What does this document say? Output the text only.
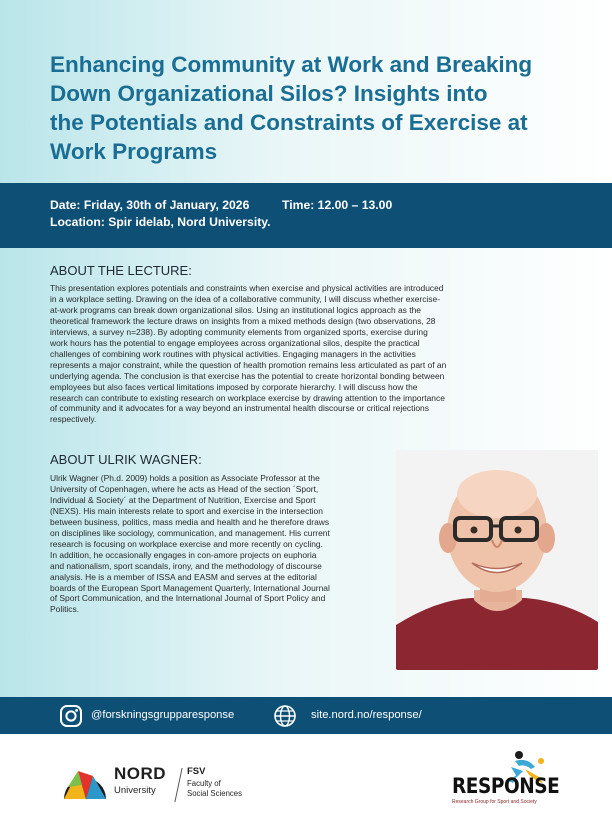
Enhancing Community at Work and Breaking
Down Organizational Silos? Insights into
the Potentials and Constraints of Exercise at
Work Programs
Date: Friday, 30th of January, 2026	Time: 12.00 – 13.00
Location: Spir idelab, Nord University.
ABOUT THE LECTURE:
This presentation explores potentials and constraints when exercise and physical activities are introduced
in a workplace setting. Drawing on the idea of a collaborative community, I will discuss whether exercise-
at-work programs can break down organizational silos. Using an institutional logics approach as the
theoretical framework the lecture draws on insights from a mixed methods design (two observations, 28
interviews, a survey n=238). By adopting community elements from organized sports, exercise during
work hours has the potential to engage employees across organizational silos, despite the practical
challenges of combining work routines with physical activities. Engaging managers in the activities
represents a major constraint, while the question of health promotion remains less articulated as part of an
underlying agenda. The conclusion is that exercise has the potential to create horizontal bonding between
employees but also faces vertical limitations imposed by corporate hierarchy. I will discuss how the
research can contribute to existing research on workplace exercise by drawing attention to the importance
of community and it advocates for a way beyond an instrumental health discourse or critical rejections
respectively.
ABOUT ULRIK WAGNER:
Ulrik Wagner (Ph.d. 2009) holds a position as Associate Professor at the
University of Copenhagen, where he acts as Head of the section ´Sport,
Individual & Society´ at the Department of Nutrition, Exercise and Sport
(NEXS). His main interests relate to sport and exercise in the intersection
between business, politics, mass media and health and he therefore draws
on disciplines like sociology, communication, and management. His current
research is focusing on workplace exercise and more recently on cycling.
In addition, he occasionally engages in con-amore projects on euphoria
and nationalism, sport scandals, irony, and the methodology of discourse
analysis. He is a member of ISSA and EASM and serves at the editorial
boards of the European Sport Management Quarterly, International Journal
of Sport Communication, and the International Journal of Sport Policy and
Politics.
@forskningsgrupparesponse	site.nord.no/response/
NORD
University
FSV
Faculty of
Social Sciences	RESPONSE
Research Group for Sport and Society
